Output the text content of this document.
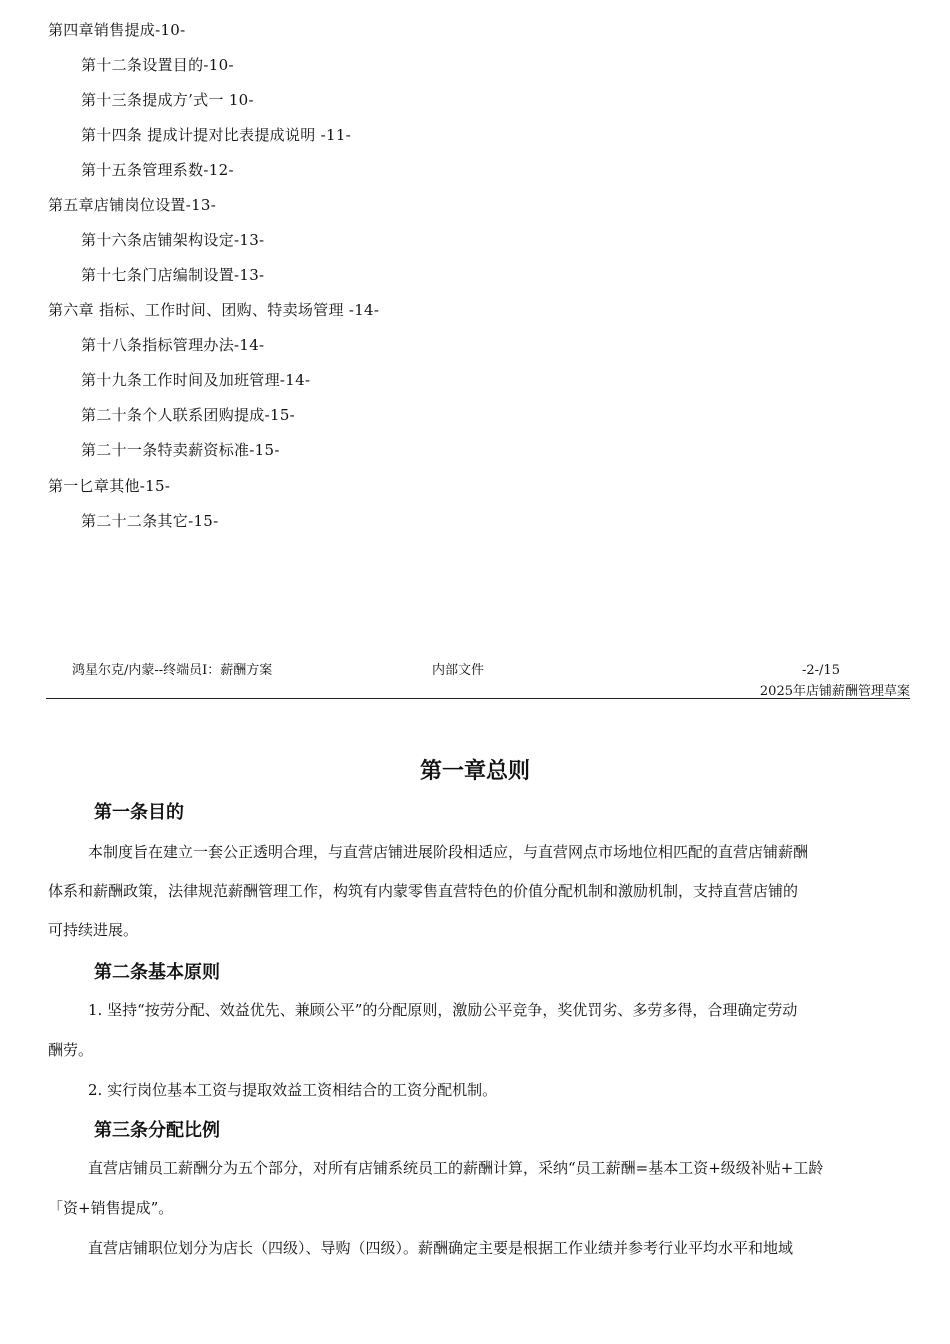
第四章销售提成-10-
第十二条设置目的-10-
第十三条提成方’式一 10-
第十四条 提成计提对比表提成说明 -11-
第十五条管理系数-12-
第五章店铺岗位设置-13-
第十六条店铺架构设定-13-
第十七条门店编制设置-13-
第六章 指标、工作时间、团购、特卖场管理 -14-
第十八条指标管理办法-14-
第十九条工作时间及加班管理-14-
第二十条个人联系团购提成-15-
第二十一条特卖薪资标准-15-
第一匕章其他-15-
第二十二条其它-15-
鸿星尔克/内蒙--终端员I：薪酬方案	内部文件	-2-/15
2025年店铺薪酬管理草案
第一章总则
第一条目的
本制度旨在建立一套公正透明合理，与直营店铺进展阶段相适应，与直营网点市场地位相匹配的直营店铺薪酬
体系和薪酬政策，法律规范薪酬管理工作，构筑有内蒙零售直营特色的价值分配机制和激励机制，支持直营店铺的
可持续进展。
第二条基本原则
1. 坚持“按劳分配、效益优先、兼顾公平”的分配原则，激励公平竞争，奖优罚劣、多劳多得，合理确定劳动
酬劳。
2. 实行岗位基本工资与提取效益工资相结合的工资分配机制。
第三条分配比例
直营店铺员工薪酬分为五个部分，对所有店铺系统员工的薪酬计算，采纳“员工薪酬=基本工资+级级补贴+工龄
「资+销售提成”。
直营店铺职位划分为店长（四级）、导购（四级）。薪酬确定主要是根据工作业绩并参考行业平均水平和地域
